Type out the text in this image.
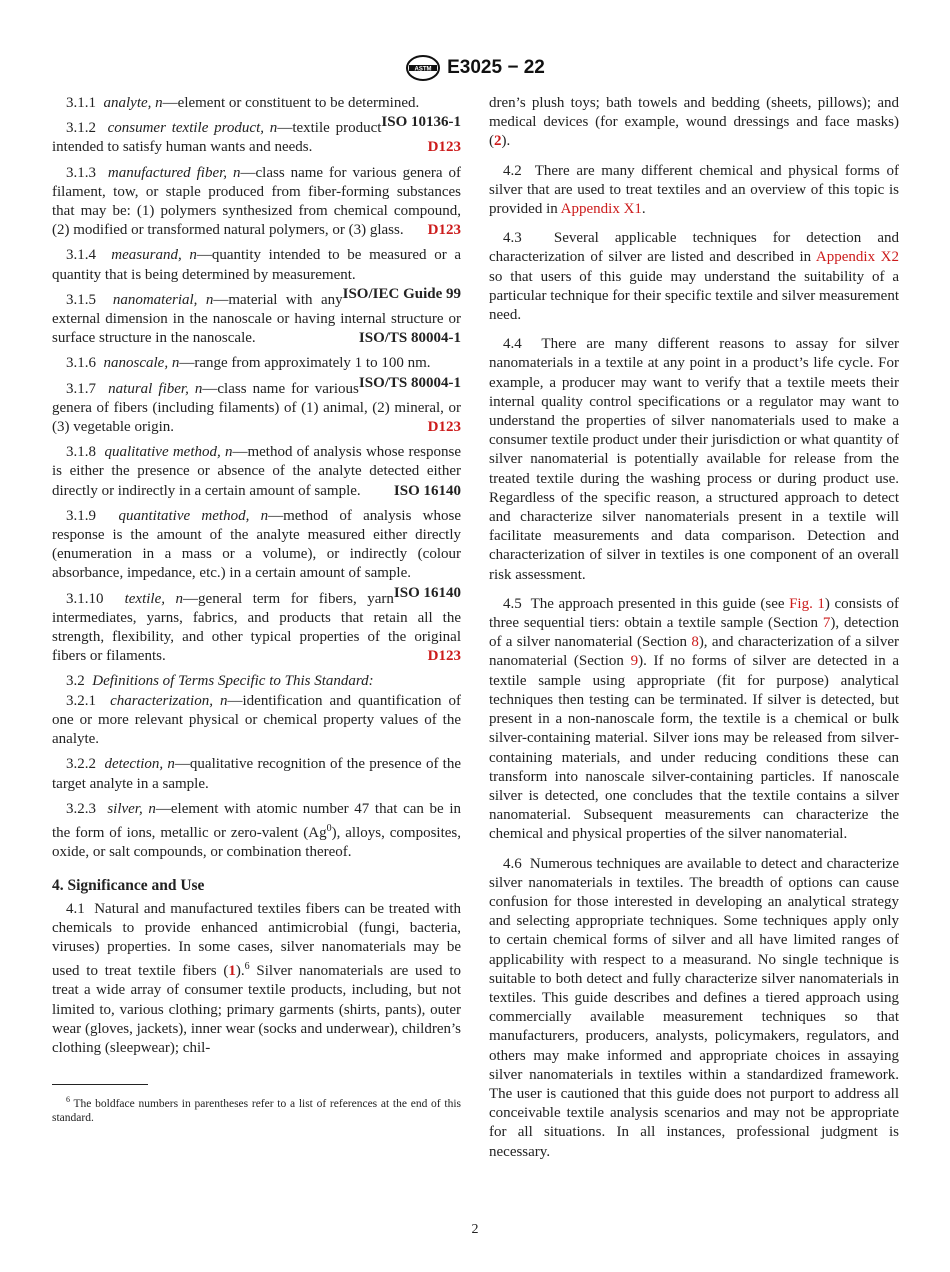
ASTM E3025 − 22

3.1.1 analyte, n—element or constituent to be determined.
ISO 10136-1

3.1.2 consumer textile product, n—textile product intended to satisfy human wants and needs.	D123

3.1.3 manufactured fiber, n—class name for various genera of filament, tow, or staple produced from fiber-forming substances that may be: (1) polymers synthesized from chemical compound, (2) modified or transformed natural polymers, or (3) glass.	D123

3.1.4 measurand, n—quantity intended to be measured or a quantity that is being determined by measurement.
ISO/IEC Guide 99

3.1.5 nanomaterial, n—material with any external dimension in the nanoscale or having internal structure or surface structure in the nanoscale.	ISO/TS 80004-1

3.1.6 nanoscale, n—range from approximately 1 to 100 nm.
ISO/TS 80004-1

3.1.7 natural fiber, n—class name for various genera of fibers (including filaments) of (1) animal, (2) mineral, or (3) vegetable origin.	D123

3.1.8 qualitative method, n—method of analysis whose response is either the presence or absence of the analyte detected either directly or indirectly in a certain amount of sample. ISO 16140

3.1.9 quantitative method, n—method of analysis whose response is the amount of the analyte measured either directly (enumeration in a mass or a volume), or indirectly (colour absorbance, impedance, etc.) in a certain amount of sample.
ISO 16140

3.1.10 textile, n—general term for fibers, yarn intermediates, yarns, fabrics, and products that retain all the strength, flexibility, and other typical properties of the original fibers or filaments.	D123

3.2 Definitions of Terms Specific to This Standard:

3.2.1 characterization, n—identification and quantification of one or more relevant physical or chemical property values of the analyte.

3.2.2 detection, n—qualitative recognition of the presence of the target analyte in a sample.

3.2.3 silver, n—element with atomic number 47 that can be in the form of ions, metallic or zero-valent (Ag$^0$), alloys, composites, oxide, or salt compounds, or combination thereof.

4. Significance and Use

4.1 Natural and manufactured textiles fibers can be treated with chemicals to provide enhanced antimicrobial (fungi, bacteria, viruses) properties. In some cases, silver nanomaterials may be used to treat textile fibers (1).$^6$ Silver nanomaterials are used to treat a wide array of consumer textile products, including, but not limited to, various clothing; primary garments (shirts, pants), outer wear (gloves, jackets), inner wear (socks and underwear), children’s clothing (sleepwear); chil-

$^6$ The boldface numbers in parentheses refer to a list of references at the end of this standard.

dren’s plush toys; bath towels and bedding (sheets, pillows); and medical devices (for example, wound dressings and face masks) (2).

4.2 There are many different chemical and physical forms of silver that are used to treat textiles and an overview of this topic is provided in Appendix X1.

4.3 Several applicable techniques for detection and characterization of silver are listed and described in Appendix X2 so that users of this guide may understand the suitability of a particular technique for their specific textile and silver measurement need.

4.4 There are many different reasons to assay for silver nanomaterials in a textile at any point in a product’s life cycle. For example, a producer may want to verify that a textile meets their internal quality control specifications or a regulator may want to understand the properties of silver nanomaterials used to make a consumer textile product under their jurisdiction or what quantity of silver nanomaterial is potentially available for release from the treated textile during the washing process or during product use. Regardless of the specific reason, a structured approach to detect and characterize silver nanomaterials present in a textile will facilitate measurements and data comparison. Detection and characterization of silver in textiles is one component of an overall risk assessment.

4.5 The approach presented in this guide (see Fig. 1) consists of three sequential tiers: obtain a textile sample (Section 7), detection of a silver nanomaterial (Section 8), and characterization of a silver nanomaterial (Section 9). If no forms of silver are detected in a textile sample using appropriate (fit for purpose) analytical techniques then testing can be terminated. If silver is detected, but present in a non-nanoscale form, the textile is a chemical or bulk silver-containing material. Silver ions may be released from silver-containing materials, and under reducing conditions these can transform into nanoscale silver-containing particles. If nanoscale silver is detected, one concludes that the textile contains a silver nanomaterial. Subsequent measurements can characterize the chemical and physical properties of the silver nanomaterial.

4.6 Numerous techniques are available to detect and characterize silver nanomaterials in textiles. The breadth of options can cause confusion for those interested in developing an analytical strategy and selecting appropriate techniques. Some techniques apply only to certain chemical forms of silver and all have limited ranges of applicability with respect to a measurand. No single technique is suitable to both detect and fully characterize silver nanomaterials in textiles. This guide describes and defines a tiered approach using commercially available measurement techniques so that manufacturers, producers, analysts, policymakers, regulators, and others may make informed and appropriate choices in assaying silver nanomaterials in textiles within a standardized framework. The user is cautioned that this guide does not purport to address all conceivable textile analysis scenarios and may not be appropriate for all situations. In all instances, professional judgment is necessary.

2
